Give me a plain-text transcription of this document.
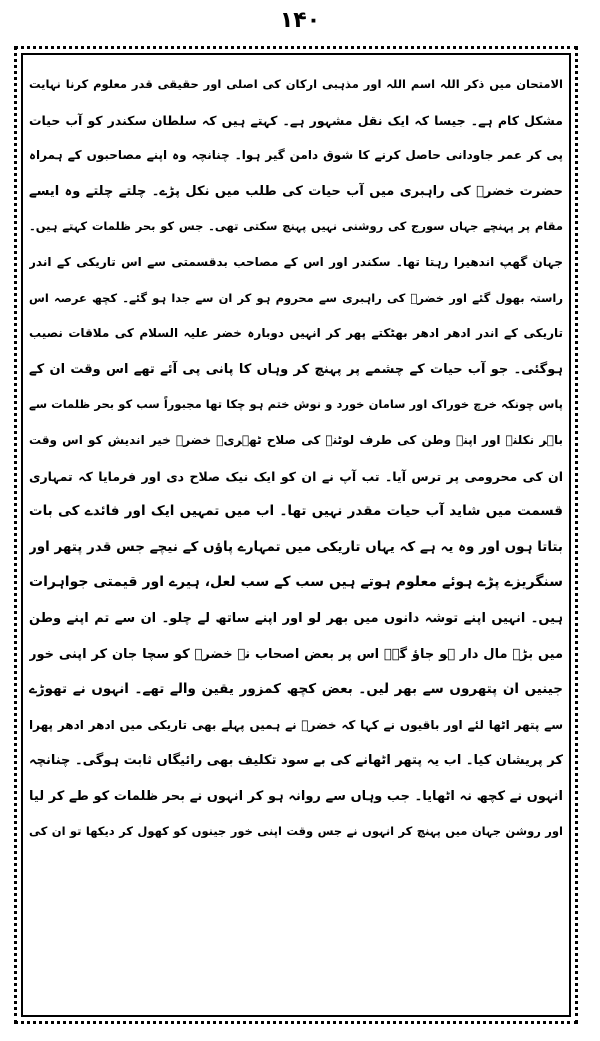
۱۴۰
الامتحان میں ذکر اللہ اسم اللہ اور مذہبی ارکان کی اصلی اور حقیقی قدر معلوم کرنا نہایت
مشکل کام ہے۔ جیسا کہ ایک نقل مشہور ہے۔ کہتے ہیں کہ سلطان سکندر کو آب حیات
پی کر عمر جاودانی حاصل کرنے کا شوق دامن گیر ہوا۔ چنانچہ وہ اپنے مصاحبوں کے ہمراہ
حضرت خضرؑ کی راہبری میں آب حیات کی طلب میں نکل پڑے۔ چلتے چلتے وہ ایسے
مقام پر پہنچے جہاں سورج کی روشنی نہیں پہنچ سکتی تھی۔ جس کو بحر ظلمات کہتے ہیں۔
جہان گھپ اندھیرا رہتا تھا۔ سکندر اور اس کے مصاحب بدقسمتی سے اس تاریکی کے اندر
راستہ بھول گئے اور خضرؑ کی راہبری سے محروم ہو کر ان سے جدا ہو گئے۔ کچھ عرصہ اس
تاریکی کے اندر ادھر ادھر بھٹکتے پھر کر انہیں دوبارہ خضر علیہ السلام کی ملاقات نصیب
ہوگئی۔ جو آب حیات کے چشمے پر پہنچ کر وہاں کا پانی پی آئے تھے اس وقت ان کے
پاس چونکہ خرچ خوراک اور سامان خورد و نوش ختم ہو چکا تھا مجبوراً سب کو بحر ظلمات سے
باہر نکلنے اور اپنے وطن کی طرف لوٹنے کی صلاح ٹھہری۔ خضرؑ خیر اندیش کو اس وقت
ان کی محرومی پر ترس آیا۔ تب آپ نے ان کو ایک نیک صلاح دی اور فرمایا کہ تمہاری
قسمت میں شاید آب حیات مقدر نہیں تھا۔ اب میں تمہیں ایک اور فائدے کی بات
بتاتا ہوں اور وہ یہ ہے کہ یہاں تاریکی میں تمہارے پاؤں کے نیچے جس قدر پتھر اور
سنگریزے پڑے ہوئے معلوم ہوتے ہیں سب کے سب لعل، ہیرے اور قیمتی جواہرات
ہیں۔ انہیں اپنے توشہ دانوں میں بھر لو اور اپنے ساتھ لے چلو۔ ان سے تم اپنے وطن
میں بڑے مال دار ہو جاؤ گے۔ اس پر بعض اصحاب نے خضرؑ کو سچا جان کر اپنی خور
جینیں ان پتھروں سے بھر لیں۔ بعض کچھ کمزور یقین والے تھے۔ انہوں نے تھوڑے
سے پتھر اٹھا لئے اور باقیوں نے کہا کہ خضرؑ نے ہمیں پہلے بھی تاریکی میں ادھر ادھر پھرا
کر پریشان کیا۔ اب یہ پتھر اٹھانے کی بے سود تکلیف بھی رائیگاں ثابت ہوگی۔ چنانچہ
انہوں نے کچھ نہ اٹھایا۔ جب وہاں سے روانہ ہو کر انہوں نے بحر ظلمات کو طے کر لیا
اور روشن جہان میں پہنچ کر انہوں نے جس وقت اپنی خور جینوں کو کھول کر دیکھا تو ان کی
